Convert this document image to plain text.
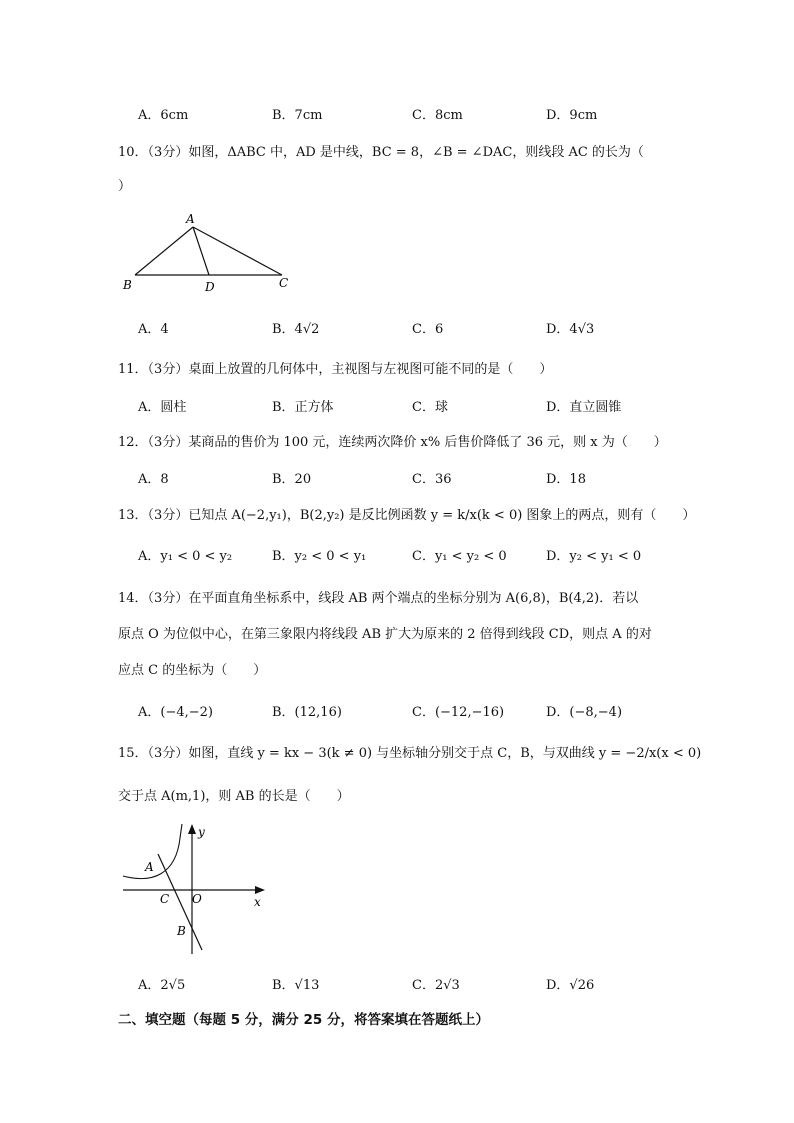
A．6cm	B．7cm	C．8cm	D．9cm
10．（3分）如图，ΔABC 中，AD 是中线，BC = 8，∠B = ∠DAC，则线段 AC 的长为（
）
A
B	D	C
A．4	B．4√2	C．6	D．4√3
11．（3分）桌面上放置的几何体中，主视图与左视图可能不同的是（　　）
A．圆柱	B．正方体	C．球	D．直立圆锥
12．（3分）某商品的售价为 100 元，连续两次降价 x% 后售价降低了 36 元，则 x 为（　　）
A．8	B．20	C．36	D．18
13．（3分）已知点 A(−2,y₁)，B(2,y₂) 是反比例函数 y = k/x(k < 0) 图象上的两点，则有（　　）
A．y₁ < 0 < y₂	B．y₂ < 0 < y₁	C．y₁ < y₂ < 0	D．y₂ < y₁ < 0
14．（3分）在平面直角坐标系中，线段 AB 两个端点的坐标分别为 A(6,8)，B(4,2)．若以
原点 O 为位似中心，在第三象限内将线段 AB 扩大为原来的 2 倍得到线段 CD，则点 A 的对
应点 C 的坐标为（　　）
A．(−4,−2)	B．(12,16)	C．(−12,−16)	D．(−8,−4)
15．（3分）如图，直线 y = kx − 3(k ≠ 0) 与坐标轴分别交于点 C，B，与双曲线 y = −2/x(x < 0)
交于点 A(m,1)，则 AB 的长是（　　）
y
A
C O	x
B
A．2√5	B．√13	C．2√3	D．√26
二、填空题（每题 5 分，满分 25 分，将答案填在答题纸上）
